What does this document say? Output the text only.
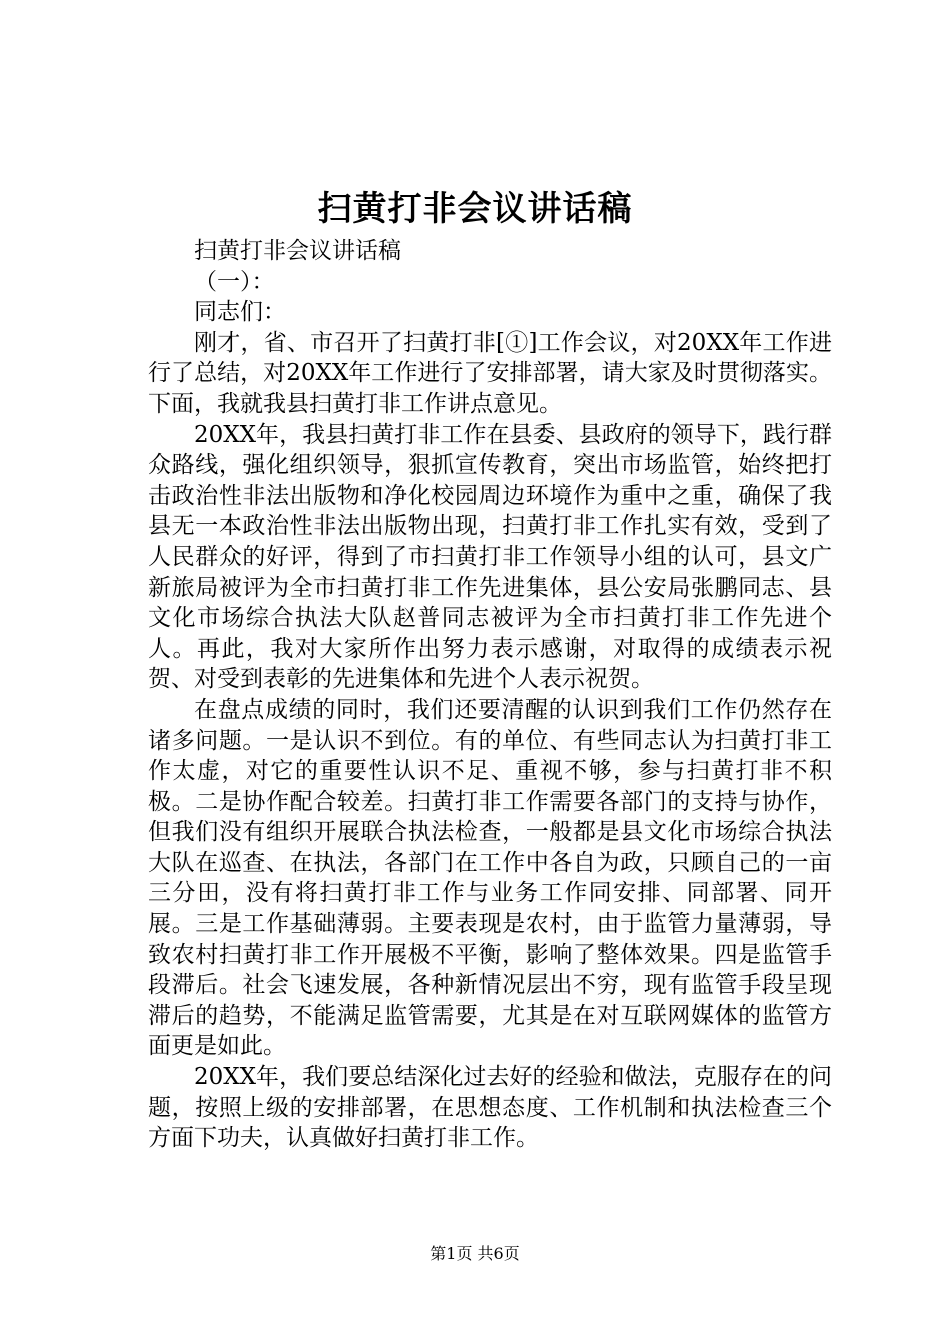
扫黄打非会议讲话稿

扫黄打非会议讲话稿

（一）：

同志们：

刚才，省、市召开了扫黄打非[①]工作会议，对20XX年工作进行了总结，对20XX年工作进行了安排部署，请大家及时贯彻落实。下面，我就我县扫黄打非工作讲点意见。

20XX年，我县扫黄打非工作在县委、县政府的领导下，践行群众路线，强化组织领导，狠抓宣传教育，突出市场监管，始终把打击政治性非法出版物和净化校园周边环境作为重中之重，确保了我县无一本政治性非法出版物出现，扫黄打非工作扎实有效，受到了人民群众的好评，得到了市扫黄打非工作领导小组的认可，县文广新旅局被评为全市扫黄打非工作先进集体，县公安局张鹏同志、县文化市场综合执法大队赵普同志被评为全市扫黄打非工作先进个人。再此，我对大家所作出努力表示感谢，对取得的成绩表示祝贺、对受到表彰的先进集体和先进个人表示祝贺。

在盘点成绩的同时，我们还要清醒的认识到我们工作仍然存在诸多问题。一是认识不到位。有的单位、有些同志认为扫黄打非工作太虚，对它的重要性认识不足、重视不够，参与扫黄打非不积极。二是协作配合较差。扫黄打非工作需要各部门的支持与协作，但我们没有组织开展联合执法检查，一般都是县文化市场综合执法大队在巡查、在执法，各部门在工作中各自为政，只顾自己的一亩三分田，没有将扫黄打非工作与业务工作同安排、同部署、同开展。三是工作基础薄弱。主要表现是农村，由于监管力量薄弱，导致农村扫黄打非工作开展极不平衡，影响了整体效果。四是监管手段滞后。社会飞速发展，各种新情况层出不穷，现有监管手段呈现滞后的趋势，不能满足监管需要，尤其是在对互联网媒体的监管方面更是如此。

20XX年，我们要总结深化过去好的经验和做法，克服存在的问题，按照上级的安排部署，在思想态度、工作机制和执法检查三个方面下功夫，认真做好扫黄打非工作。

第1页 共6页
